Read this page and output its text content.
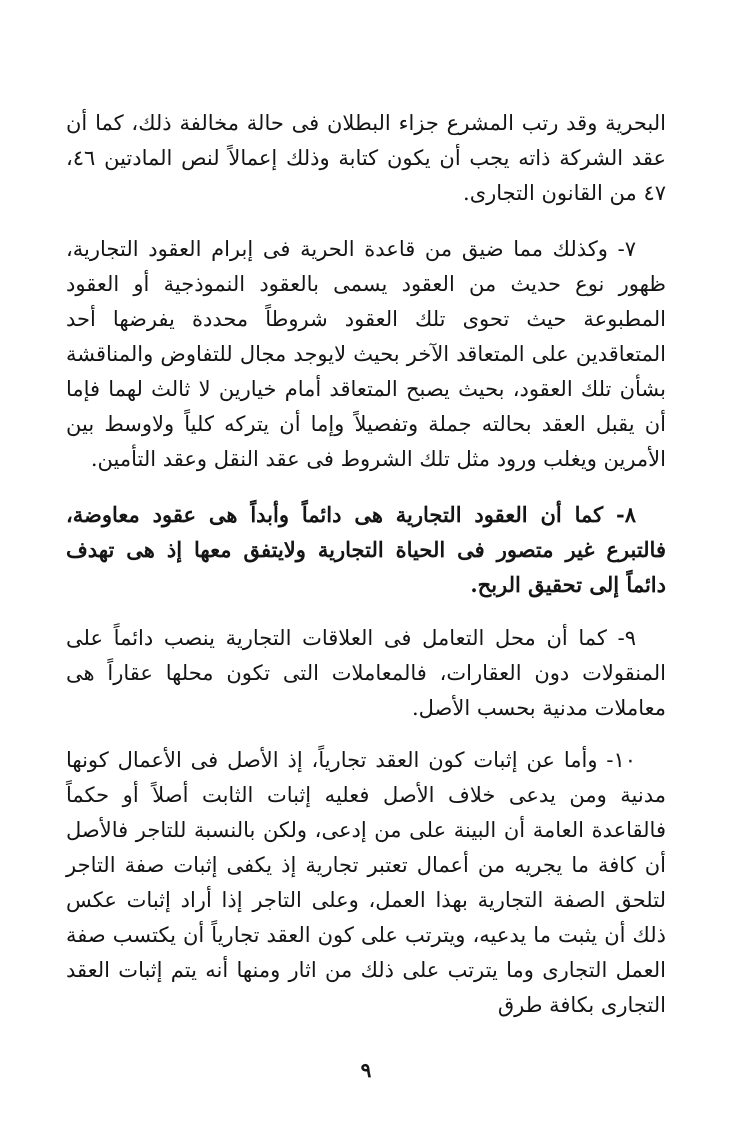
البحرية وقد رتب المشرع جزاء البطلان فى حالة مخالفة ذلك، كما أن عقد الشركة ذاته يجب أن يكون كتابة وذلك إعمالاً لنص المادتين ٤٦، ٤٧ من القانون التجارى.

٧- وكذلك مما ضيق من قاعدة الحرية فى إبرام العقود التجارية، ظهور نوع حديث من العقود يسمى بالعقود النموذجية أو العقود المطبوعة حيث تحوى تلك العقود شروطاً محددة يفرضها أحد المتعاقدين على المتعاقد الآخر بحيث لايوجد مجال للتفاوض والمناقشة بشأن تلك العقود، بحيث يصبح المتعاقد أمام خيارين لا ثالث لهما فإما أن يقبل العقد بحالته جملة وتفصيلاً وإما أن يتركه كلياً ولاوسط بين الأمرين ويغلب ورود مثل تلك الشروط فى عقد النقل وعقد التأمين.

٨- كما أن العقود التجارية هى دائماً وأبداً هى عقود معاوضة، فالتبرع غير متصور فى الحياة التجارية ولايتفق معها إذ هى تهدف دائماً إلى تحقيق الربح.

٩- كما أن محل التعامل فى العلاقات التجارية ينصب دائماً على المنقولات دون العقارات، فالمعاملات التى تكون محلها عقاراً هى معاملات مدنية بحسب الأصل.

١٠- وأما عن إثبات كون العقد تجارياً، إذ الأصل فى الأعمال كونها مدنية ومن يدعى خلاف الأصل فعليه إثبات الثابت أصلاً أو حكماً فالقاعدة العامة أن البينة على من إدعى، ولكن بالنسبة للتاجر فالأصل أن كافة ما يجريه من أعمال تعتبر تجارية إذ يكفى إثبات صفة التاجر لتلحق الصفة التجارية بهذا العمل، وعلى التاجر إذا أراد إثبات عكس ذلك أن يثبت ما يدعيه، ويترتب على كون العقد تجارياً أن يكتسب صفة العمل التجارى وما يترتب على ذلك من اثار ومنها أنه يتم إثبات العقد التجارى بكافة طرق

٩
